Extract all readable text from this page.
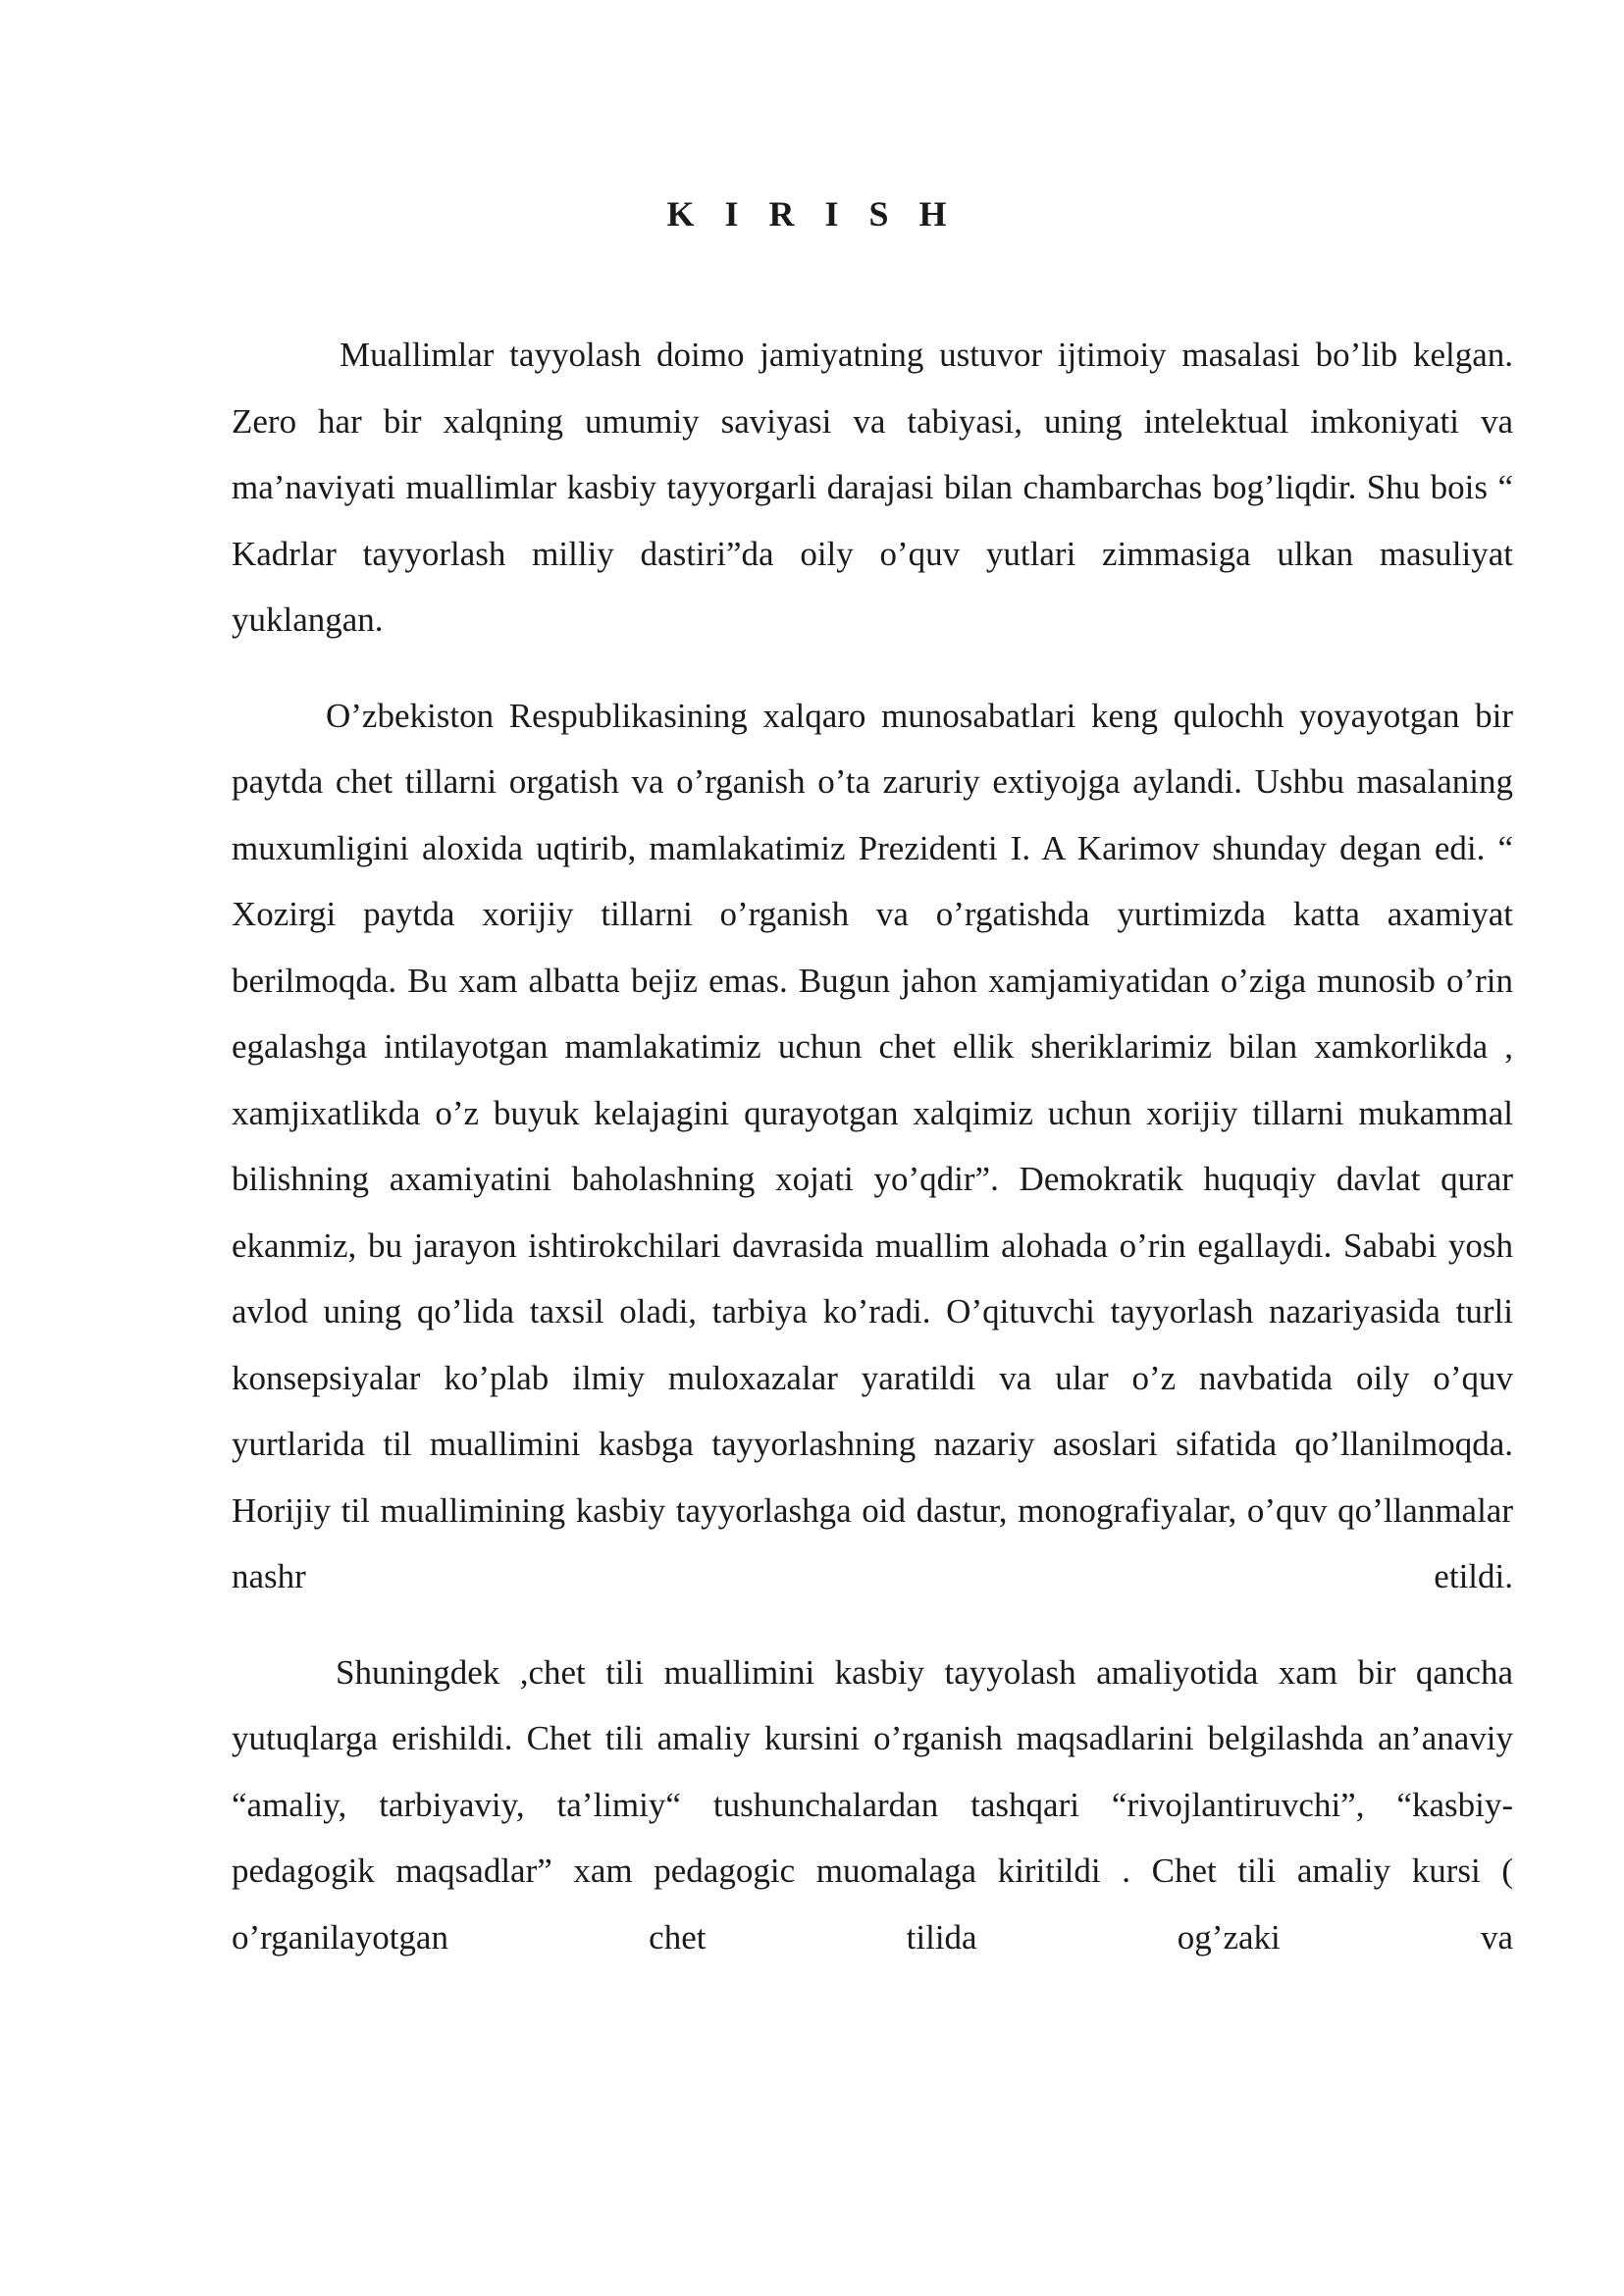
K I R I S H

Muallimlar tayyolash doimo jamiyatning ustuvor ijtimoiy masalasi bo’lib kelgan. Zero har bir xalqning umumiy saviyasi va tabiyasi, uning intelektual imkoniyati va ma’naviyati muallimlar kasbiy tayyorgarli darajasi bilan chambarchas bog’liqdir. Shu bois “ Kadrlar tayyorlash milliy dastiri”da oily o’quv yutlari zimmasiga ulkan masuliyat yuklangan.

O’zbekiston Respublikasining xalqaro munosabatlari keng qulochh yoyayotgan bir paytda chet tillarni orgatish va o’rganish o’ta zaruriy extiyojga aylandi. Ushbu masalaning muxumligini aloxida uqtirib, mamlakatimiz Prezidenti I. A Karimov shunday degan edi. “ Xozirgi paytda xorijiy tillarni o’rganish va o’rgatishda yurtimizda katta axamiyat berilmoqda. Bu xam albatta bejiz emas. Bugun jahon xamjamiyatidan o’ziga munosib o’rin egalashga intilayotgan mamlakatimiz uchun chet ellik sheriklarimiz bilan xamkorlikda , xamjixatlikda o’z buyuk kelajagini qurayotgan xalqimiz uchun xorijiy tillarni mukammal bilishning axamiyatini baholashning xojati yo’qdir”. Demokratik huquqiy davlat qurar ekanmiz, bu jarayon ishtirokchilari davrasida muallim alohada o’rin egallaydi. Sababi yosh avlod uning qo’lida taxsil oladi, tarbiya ko’radi. O’qituvchi tayyorlash nazariyasida turli konsepsiyalar ko’plab ilmiy muloxazalar yaratildi va ular o’z navbatida oily o’quv yurtlarida til muallimini kasbga tayyorlashning nazariy asoslari sifatida qo’llanilmoqda. Horijiy til muallimining kasbiy tayyorlashga oid dastur, monografiyalar, o’quv qo’llanmalar nashr etildi.

Shuningdek ,chet tili muallimini kasbiy tayyolash amaliyotida xam bir qancha yutuqlarga erishildi. Chet tili amaliy kursini o’rganish maqsadlarini belgilashda an’anaviy “amaliy, tarbiyaviy, ta’limiy“ tushunchalardan tashqari “rivojlantiruvchi”, “kasbiy- pedagogik maqsadlar” xam pedagogic muomalaga kiritildi . Chet tili amaliy kursi ( o’rganilayotgan chet tilida og’zaki va
